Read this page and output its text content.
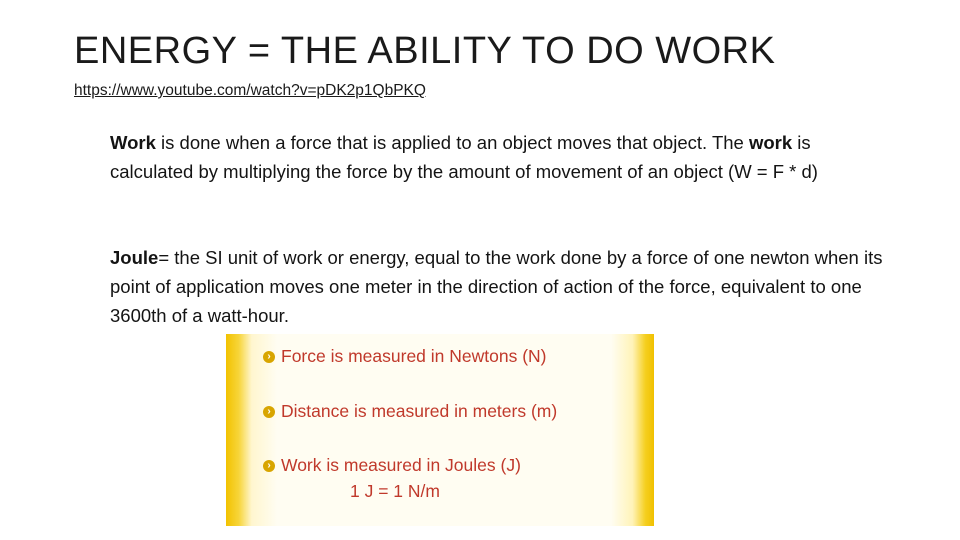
ENERGY = THE ABILITY TO DO WORK
https://www.youtube.com/watch?v=pDK2p1QbPKQ
Work is done when a force that is applied to an object moves that object. The work is calculated by multiplying the force by the amount of movement of an object (W = F * d)
Joule= the SI unit of work or energy, equal to the work done by a force of one newton when its point of application moves one meter in the direction of action of the force, equivalent to one 3600th of a watt-hour.
› Force is measured in Newtons (N)
› Distance is measured in meters (m)
› Work is measured in Joules (J)
1 J = 1 N/m
